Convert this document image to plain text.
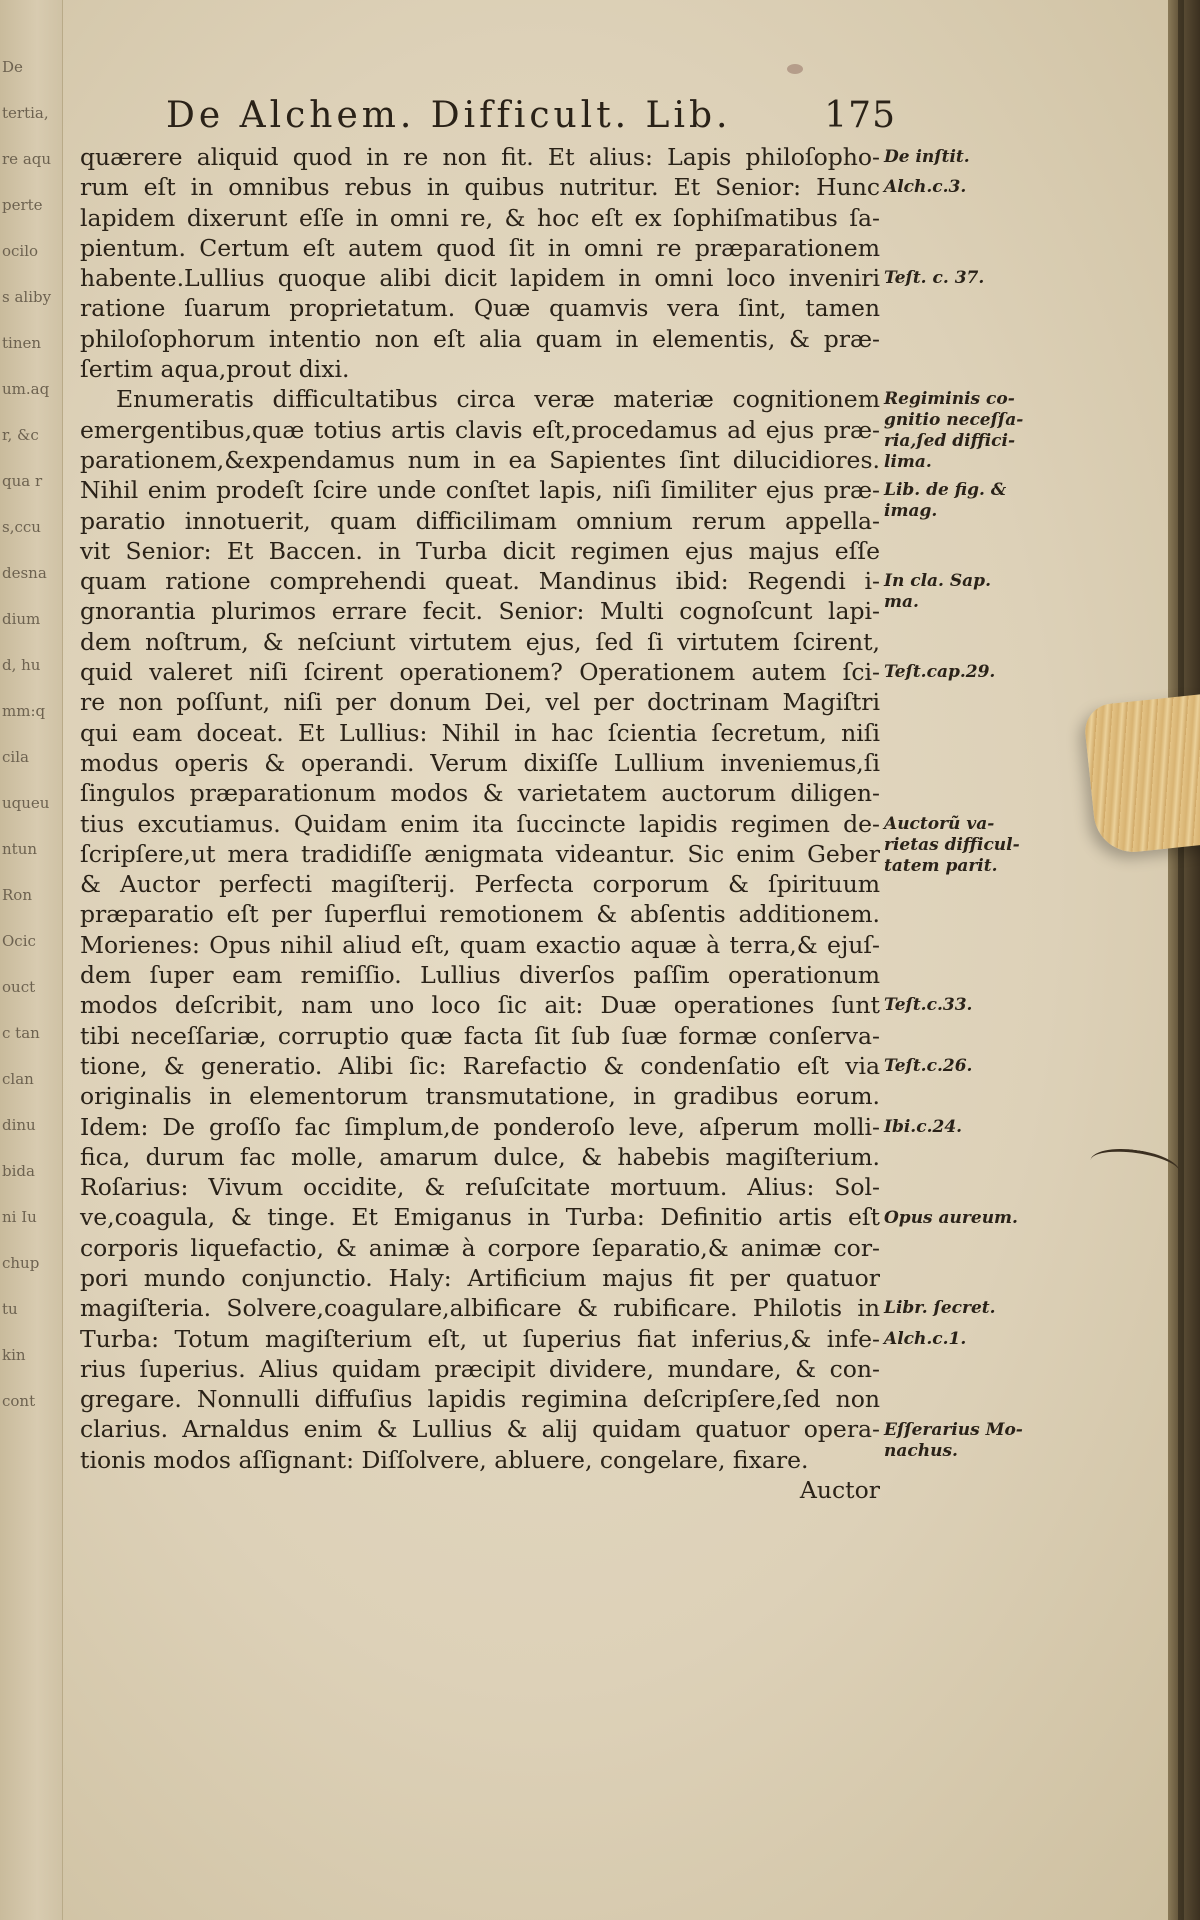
De
tertia,
re aqu
perte
ocilo
s aliby
tinen
um.aq
r, &c
qua r
s,ccu
desna
dium
d, hu
mm:q
cila
uqueu
ntun
Ron
Ocic
ouct
c tan
clan
dinu
bida
ni Iu
chup
tu
kin
cont
De Alchem. Difficult. Lib.	175
quærere aliquid quod in re non fit. Et alius: Lapis philoſopho-
rum eſt in omnibus rebus in quibus nutritur. Et Senior: Hunc
lapidem dixerunt eſſe in omni re, & hoc eſt ex ſophiſmatibus ſa-
pientum. Certum eſt autem quod ſit in omni re præparationem
habente.Lullius quoque alibi dicit lapidem in omni loco inveniri
ratione ſuarum proprietatum. Quæ quamvis vera ſint, tamen
philoſophorum intentio non eſt alia quam in elementis, & præ-
ſertim aqua,prout dixi.
Enumeratis difficultatibus circa veræ materiæ cognitionem
emergentibus,quæ totius artis clavis eſt,procedamus ad ejus præ-
parationem,&expendamus num in ea Sapientes ſint dilucidiores.
Nihil enim prodeſt ſcire unde conſtet lapis, niſi ſimiliter ejus præ-
paratio innotuerit, quam difficilimam omnium rerum appella-
vit Senior: Et Baccen. in Turba dicit regimen ejus majus eſſe
quam ratione comprehendi queat. Mandinus ibid: Regendi i-
gnorantia plurimos errare fecit. Senior: Multi cognoſcunt lapi-
dem noſtrum, & neſciunt virtutem ejus, ſed ſi virtutem ſcirent,
quid valeret niſi ſcirent operationem? Operationem autem ſci-
re non poſſunt, niſi per donum Dei, vel per doctrinam Magiſtri
qui eam doceat. Et Lullius: Nihil in hac ſcientia ſecretum, niſi
modus operis & operandi. Verum dixiſſe Lullium inveniemus,ſi
ſingulos præparationum modos & varietatem auctorum diligen-
tius excutiamus. Quidam enim ita ſuccincte lapidis regimen de-
ſcripſere,ut mera tradidiſſe ænigmata videantur. Sic enim Geber
& Auctor perfecti magiſterij. Perfecta corporum & ſpirituum
præparatio eſt per ſuperflui remotionem & abſentis additionem.
Morienes: Opus nihil aliud eſt, quam exactio aquæ à terra,& ejuſ-
dem ſuper eam remiſſio. Lullius diverſos paſſim operationum
modos deſcribit, nam uno loco ſic ait: Duæ operationes ſunt
tibi neceſſariæ, corruptio quæ facta ſit ſub ſuæ formæ conſerva-
tione, & generatio. Alibi ſic: Rarefactio & condenſatio eſt via
originalis in elementorum transmutatione, in gradibus eorum.
Idem: De groſſo fac ſimplum,de ponderoſo leve, aſperum molli-
fica, durum fac molle, amarum dulce, & habebis magiſterium.
Roſarius: Vivum occidite, & reſuſcitate mortuum. Alius: Sol-
ve,coagula, & tinge. Et Emiganus in Turba: Definitio artis eſt
corporis liquefactio, & animæ à corpore ſeparatio,& animæ cor-
pori mundo conjunctio. Haly: Artificium majus fit per quatuor
magiſteria. Solvere,coagulare,albificare & rubificare. Philotis in
Turba: Totum magiſterium eſt, ut ſuperius fiat inferius,& infe-
rius ſuperius. Alius quidam præcipit dividere, mundare, & con-
gregare. Nonnulli diffuſius lapidis regimina deſcripſere,ſed non
clarius. Arnaldus enim & Lullius & alij quidam quatuor opera-
tionis modos aſſignant: Diſſolvere, abluere, congelare, fixare.
Auctor
De inſtit.
Alch.c.3.
Teſt. c. 37.
Regiminis co-
gnitio neceſſa-
ria,ſed diffici-
lima.
Lib. de fig. &
imag.
In cla. Sap.
ma.
Teſt.cap.29.
Auctorũ va-
rietas difficul-
tatem parit.
Teſt.c.33.
Teſt.c.26.
Ibi.c.24.
Opus aureum.
Libr. ſecret.
Alch.c.1.
Eſſerarius Mo-
nachus.
